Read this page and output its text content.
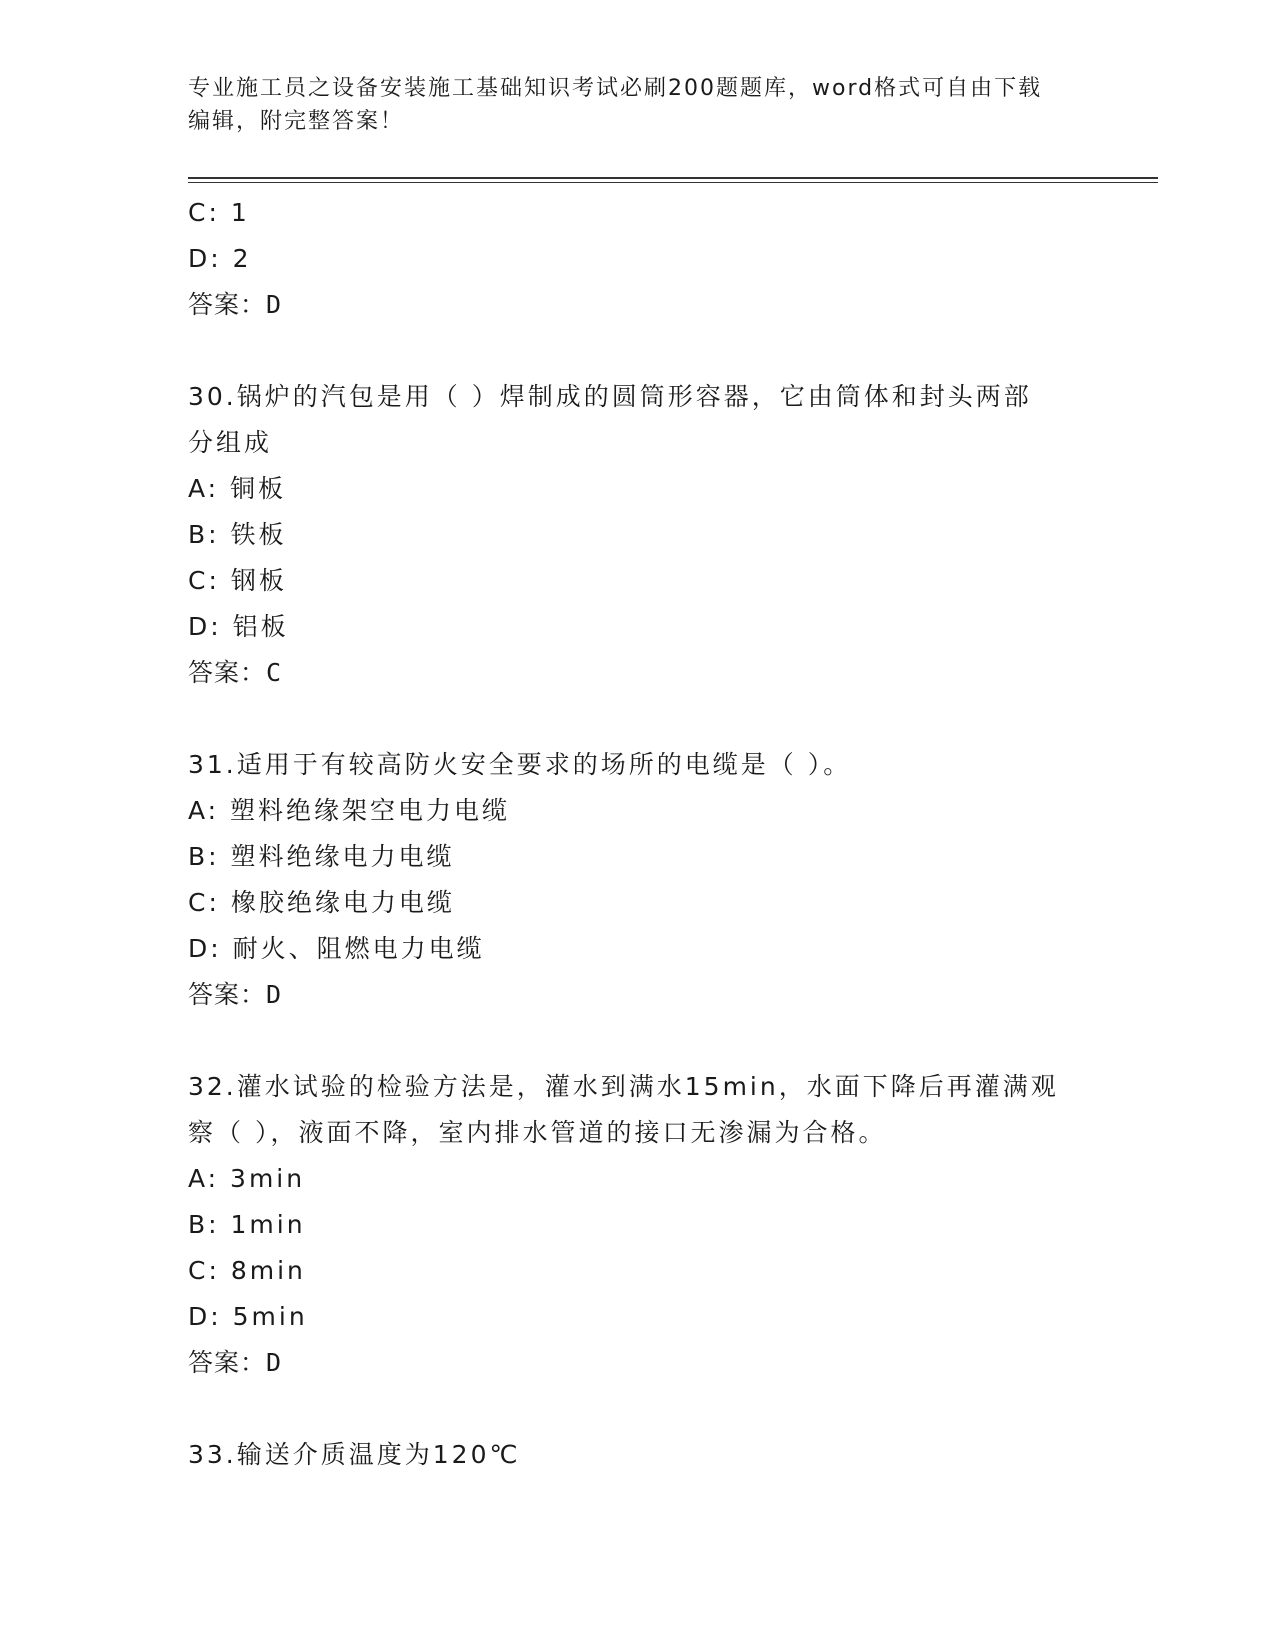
专业施工员之设备安装施工基础知识考试必刷200题题库，word格式可自由下载
编辑，附完整答案！
C: 1
D: 2
答案：D
30.锅炉的汽包是用（ ）焊制成的圆筒形容器，它由筒体和封头两部
分组成
A: 铜板
B: 铁板
C: 钢板
D: 铝板
答案：C
31.适用于有较高防火安全要求的场所的电缆是（ ）。
A: 塑料绝缘架空电力电缆
B: 塑料绝缘电力电缆
C: 橡胶绝缘电力电缆
D: 耐火、阻燃电力电缆
答案：D
32.灌水试验的检验方法是，灌水到满水15min，水面下降后再灌满观
察（ ），液面不降，室内排水管道的接口无渗漏为合格。
A: 3min
B: 1min
C: 8min
D: 5min
答案：D
33.输送介质温度为120℃
